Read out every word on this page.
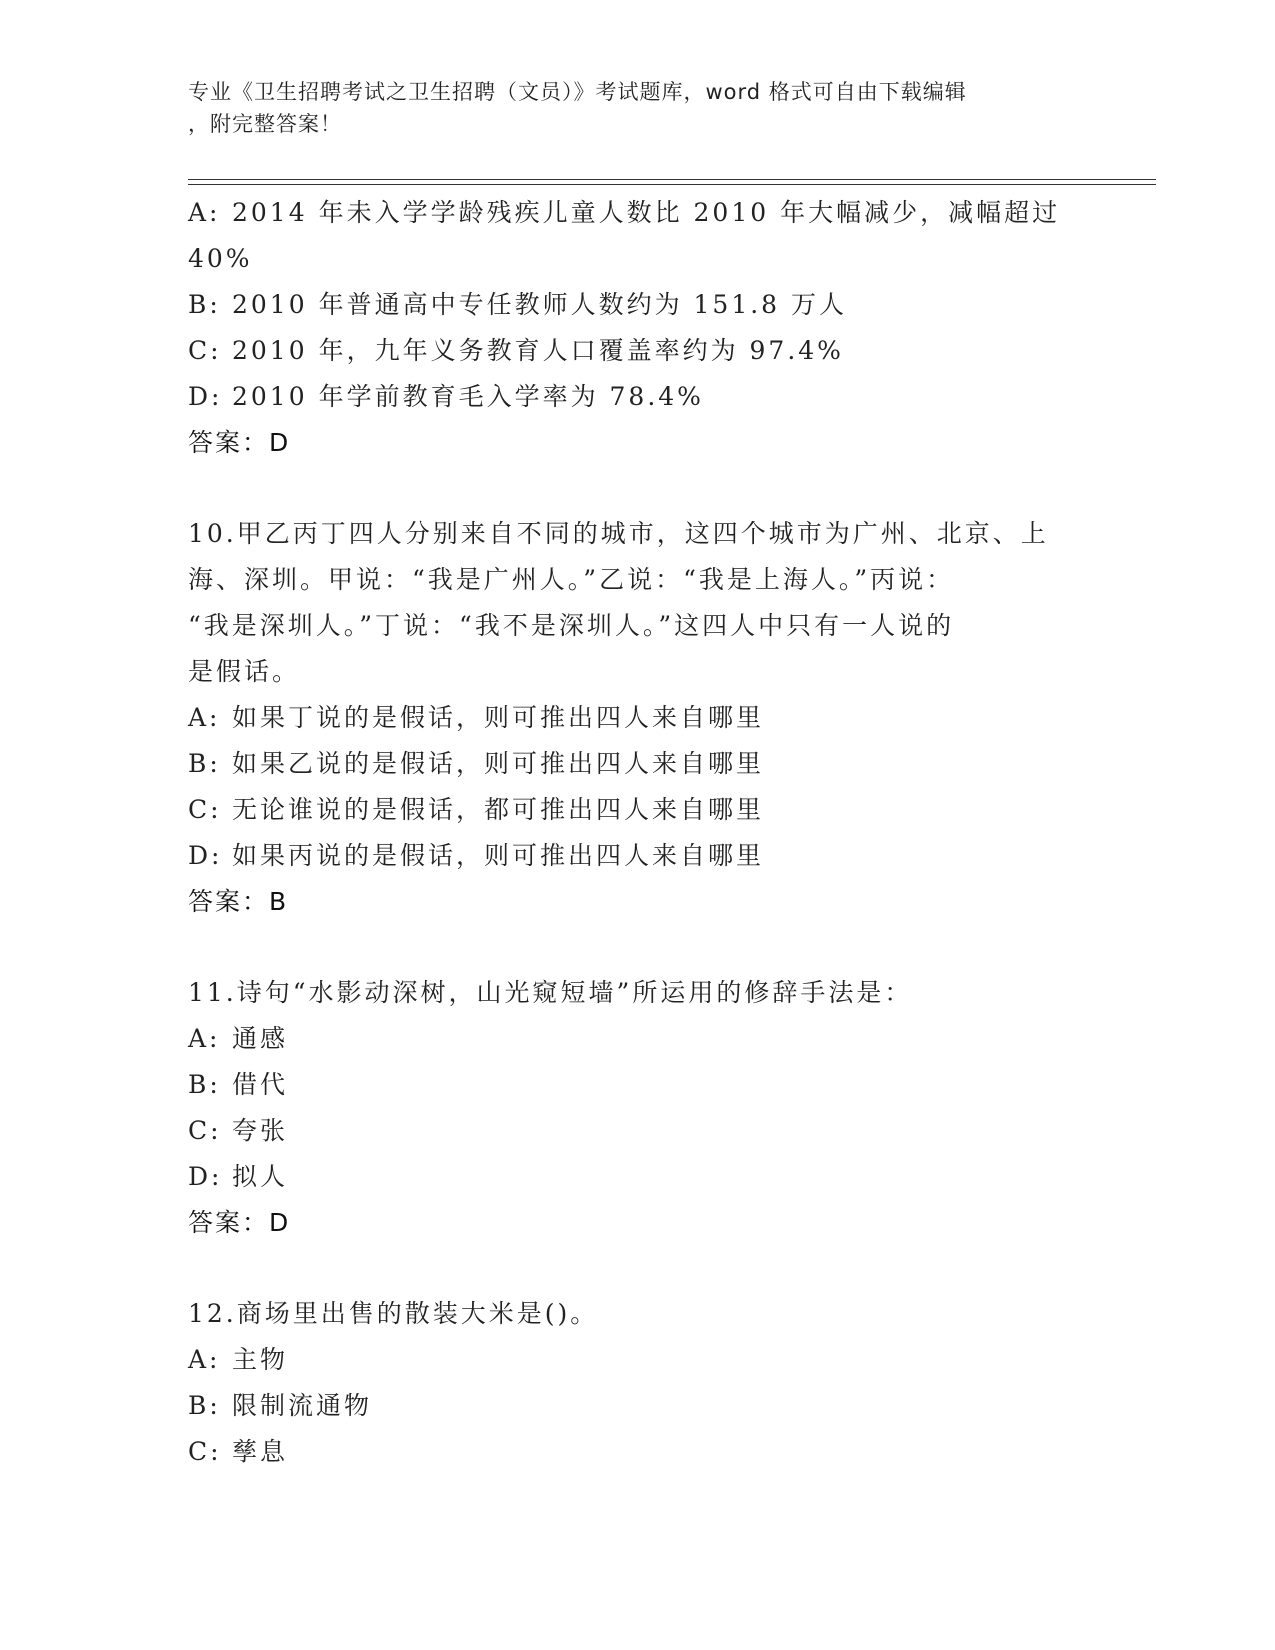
专业《卫生招聘考试之卫生招聘（文员）》考试题库，word 格式可自由下载编辑
，附完整答案！
A: 2014 年未入学学龄残疾儿童人数比 2010 年大幅减少，减幅超过
40%
B: 2010 年普通高中专任教师人数约为 151.8 万人
C: 2010 年，九年义务教育人口覆盖率约为 97.4%
D: 2010 年学前教育毛入学率为 78.4%
答案：D
10.甲乙丙丁四人分别来自不同的城市，这四个城市为广州、北京、上
海、深圳。甲说：“我是广州人。”乙说：“我是上海人。”丙说：
“我是深圳人。”丁说：“我不是深圳人。”这四人中只有一人说的
是假话。
A: 如果丁说的是假话，则可推出四人来自哪里
B: 如果乙说的是假话，则可推出四人来自哪里
C: 无论谁说的是假话，都可推出四人来自哪里
D: 如果丙说的是假话，则可推出四人来自哪里
答案：B
11.诗句“水影动深树，山光窥短墙”所运用的修辞手法是：
A: 通感
B: 借代
C: 夸张
D: 拟人
答案：D
12.商场里出售的散装大米是()。
A: 主物
B: 限制流通物
C: 孳息
